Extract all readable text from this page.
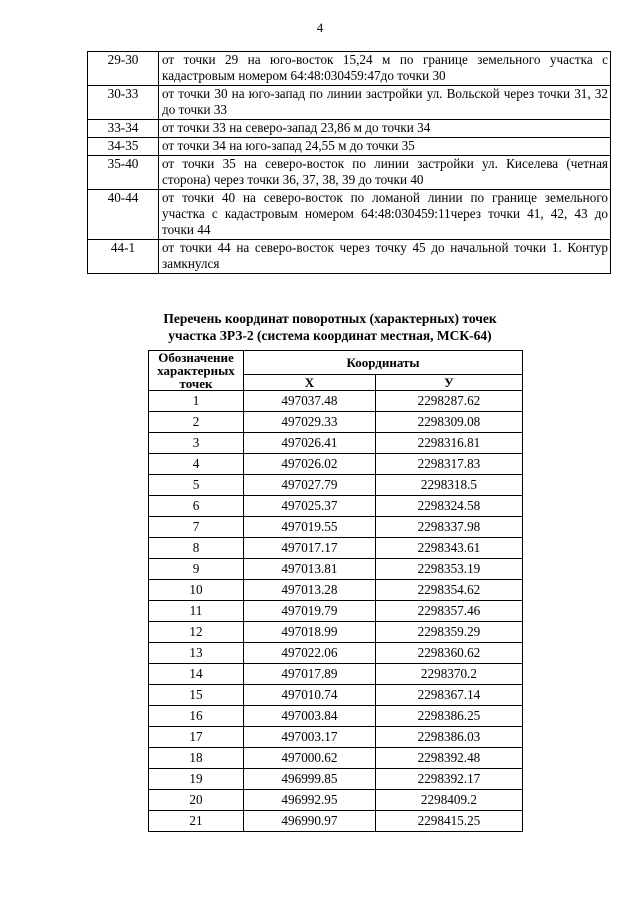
4
29-30	от точки 29 на юго-восток 15,24 м по границе земельного участка с кадастровым номером 64:48:030459:47до точки 30
30-33	от точки 30 на юго-запад по линии застройки ул. Вольской через точки 31, 32 до точки 33
33-34	от точки 33 на северо-запад 23,86 м до точки 34
34-35	от точки 34 на юго-запад 24,55 м до точки 35
35-40	от точки 35 на северо-восток по линии застройки ул. Киселева (четная сторона) через точки 36, 37, 38, 39 до точки 40
40-44	от точки 40 на северо-восток по ломаной линии по границе земельного участка с кадастровым номером 64:48:030459:11через точки 41, 42, 43 до точки 44
44-1	от точки 44 на северо-восток через точку 45 до начальной точки 1. Контур замкнулся
Перечень координат поворотных (характерных) точек
участка ЗРЗ-2 (система координат местная, МСК-64)
Обозначение характерных точек	Координаты	
	Х	У
1	497037.48	2298287.62
2	497029.33	2298309.08
3	497026.41	2298316.81
4	497026.02	2298317.83
5	497027.79	2298318.5
6	497025.37	2298324.58
7	497019.55	2298337.98
8	497017.17	2298343.61
9	497013.81	2298353.19
10	497013.28	2298354.62
11	497019.79	2298357.46
12	497018.99	2298359.29
13	497022.06	2298360.62
14	497017.89	2298370.2
15	497010.74	2298367.14
16	497003.84	2298386.25
17	497003.17	2298386.03
18	497000.62	2298392.48
19	496999.85	2298392.17
20	496992.95	2298409.2
21	496990.97	2298415.25
